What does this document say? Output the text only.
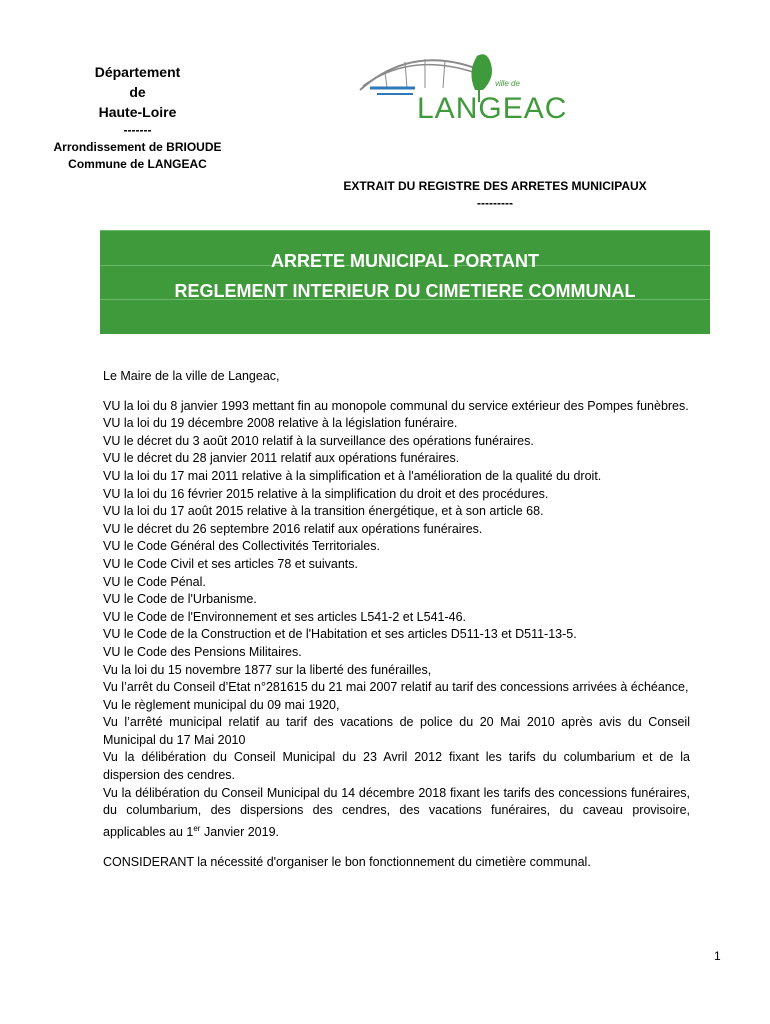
Département
de
Haute-Loire
-------
Arrondissement de BRIOUDE
Commune de LANGEAC
ville de
LANGEAC
EXTRAIT DU REGISTRE DES ARRETES MUNICIPAUX
---------
ARRETE MUNICIPAL PORTANT
REGLEMENT INTERIEUR DU CIMETIERE COMMUNAL

Le Maire de la ville de Langeac,

VU la loi du 8 janvier 1993 mettant fin au monopole communal du service extérieur des Pompes funèbres.

VU la loi du 19 décembre 2008 relative à la législation funéraire.

VU le décret du 3 août 2010 relatif à la surveillance des opérations funéraires.

VU le décret du 28 janvier 2011 relatif aux opérations funéraires.

VU la loi du 17 mai 2011 relative à la simplification et à l'amélioration de la qualité du droit.

VU la loi du 16 février 2015 relative à la simplification du droit et des procédures.

VU la loi du 17 août 2015 relative à la transition énergétique, et à son article 68.

VU le décret du 26 septembre 2016 relatif aux opérations funéraires.

VU le Code Général des Collectivités Territoriales.

VU le Code Civil et ses articles 78 et suivants.

VU le Code Pénal.

VU le Code de l'Urbanisme.

VU le Code de l'Environnement et ses articles L541-2 et L541-46.

VU le Code de la Construction et de l'Habitation et ses articles D511-13 et D511-13-5.

VU le Code des Pensions Militaires.

Vu la loi du 15 novembre 1877 sur la liberté des funérailles,

Vu l’arrêt du Conseil d’Etat n°281615 du 21 mai 2007 relatif au tarif des concessions arrivées à échéance,

Vu le règlement municipal du 09 mai 1920,

Vu l’arrêté municipal relatif au tarif des vacations de police du 20 Mai 2010 après avis du Conseil Municipal du 17 Mai 2010

Vu la délibération du Conseil Municipal du 23 Avril 2012 fixant les tarifs du columbarium et de la dispersion des cendres.

Vu la délibération du Conseil Municipal du 14 décembre 2018 fixant les tarifs des concessions funéraires, du columbarium, des dispersions des cendres, des vacations funéraires, du caveau provisoire, applicables au 1er Janvier 2019.

CONSIDERANT la nécessité d'organiser le bon fonctionnement du cimetière communal.

1
